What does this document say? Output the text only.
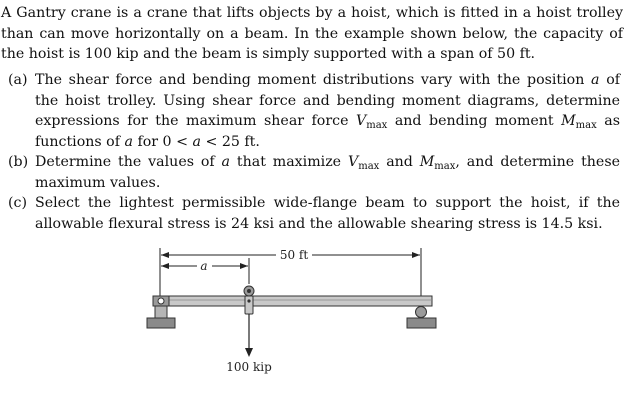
A Gantry crane is a crane that lifts objects by a hoist, which is fitted in a hoist trolley than can move horizontally on a beam. In the example shown below, the capacity of the hoist is 100 kip and the beam is simply supported with a span of 50 ft.
(a) The shear force and bending moment distributions vary with the position a of the hoist trolley. Using shear force and bending moment diagrams, determine expressions for the maximum shear force $V_{max}$ and bending moment $M_{max}$ as functions of a for 0 < a < 25 ft.
(b) Determine the values of a that maximize $V_{max}$ and $M_{max}$, and determine these maximum values.
(c) Select the lightest permissible wide-flange beam to support the hoist, if the allowable flexural stress is 24 ksi and the allowable shearing stress is 14.5 ksi.
50 ft
a
100 kip
